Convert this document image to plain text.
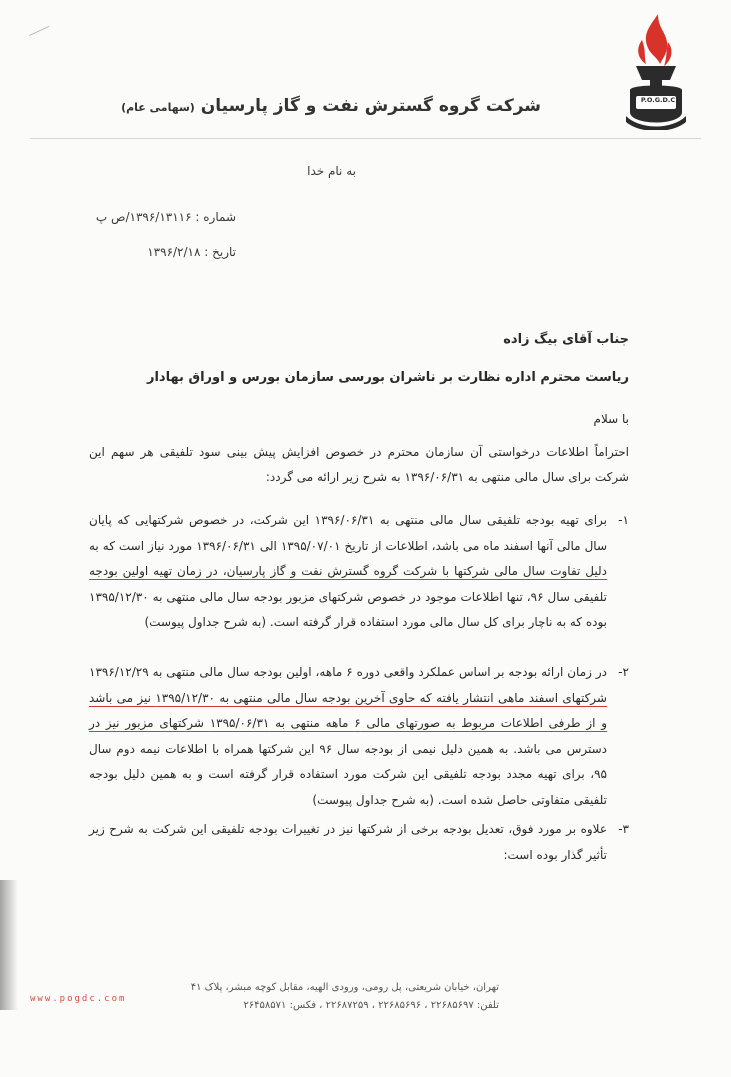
P.O.G.D.C
شرکت گروه گسترش نفت و گاز پارسیان (سهامی عام)
به نام خدا
شماره : ۱۳۹۶/۱۳۱۱۶/ص پ
تاریخ : ۱۳۹۶/۲/۱۸
جناب آقای بیگ زاده
ریاست محترم اداره نظارت بر ناشران بورسی سازمان بورس و اوراق بهادار
با سلام
احتراماً اطلاعات درخواستی آن سازمان محترم در خصوص افزایش پیش بینی سود تلفیقی هر سهم این شرکت برای سال مالی منتهی به ۱۳۹۶/۰۶/۳۱ به شرح زیر ارائه می گردد:
۱-
برای تهیه بودجه تلفیقی سال مالی منتهی به ۱۳۹۶/۰۶/۳۱ این شرکت، در خصوص شرکتهایی که پایان سال مالی آنها اسفند ماه می باشد، اطلاعات از تاریخ ۱۳۹۵/۰۷/۰۱ الی ۱۳۹۶/۰۶/۳۱ مورد نیاز است که به دلیل تفاوت سال مالی شرکتها با شرکت گروه گسترش نفت و گاز پارسیان، در زمان تهیه اولین بودجه تلفیقی سال ۹۶، تنها اطلاعات موجود در خصوص شرکتهای مزبور بودجه سال مالی منتهی به ۱۳۹۵/۱۲/۳۰ بوده که به ناچار برای کل سال مالی مورد استفاده قرار گرفته است. (به شرح جداول پیوست)
۲-
در زمان ارائه بودجه بر اساس عملکرد واقعی دوره ۶ ماهه، اولین بودجه سال مالی منتهی به ۱۳۹۶/۱۲/۲۹ شرکتهای اسفند ماهی انتشار یافته که حاوی آخرین بودجه سال مالی منتهی به ۱۳۹۵/۱۲/۳۰ نیز می باشد و از طرفی اطلاعات مربوط به صورتهای مالی ۶ ماهه منتهی به ۱۳۹۵/۰۶/۳۱ شرکتهای مزبور نیز در دسترس می باشد. به همین دلیل نیمی از بودجه سال ۹۶ این شرکتها همراه با اطلاعات نیمه دوم سال ۹۵، برای تهیه مجدد بودجه تلفیقی این شرکت مورد استفاده قرار گرفته است و به همین دلیل بودجه تلفیقی متفاوتی حاصل شده است. (به شرح جداول پیوست)
۳-
علاوه بر مورد فوق، تعدیل بودجه برخی از شرکتها نیز در تغییرات بودجه تلفیقی این شرکت به شرح زیر تأثیر گذار بوده است:
www.pogdc.com
تهران، خیابان شریعتی، پل رومی، ورودی الهیه، مقابل کوچه مبشر، پلاک ۴۱
تلفن: ۲۲۶۸۵۶۹۷ ، ۲۲۶۸۵۶۹۶ ، ۲۲۶۸۷۲۵۹ ، فکس: ۲۶۴۵۸۵۷۱
